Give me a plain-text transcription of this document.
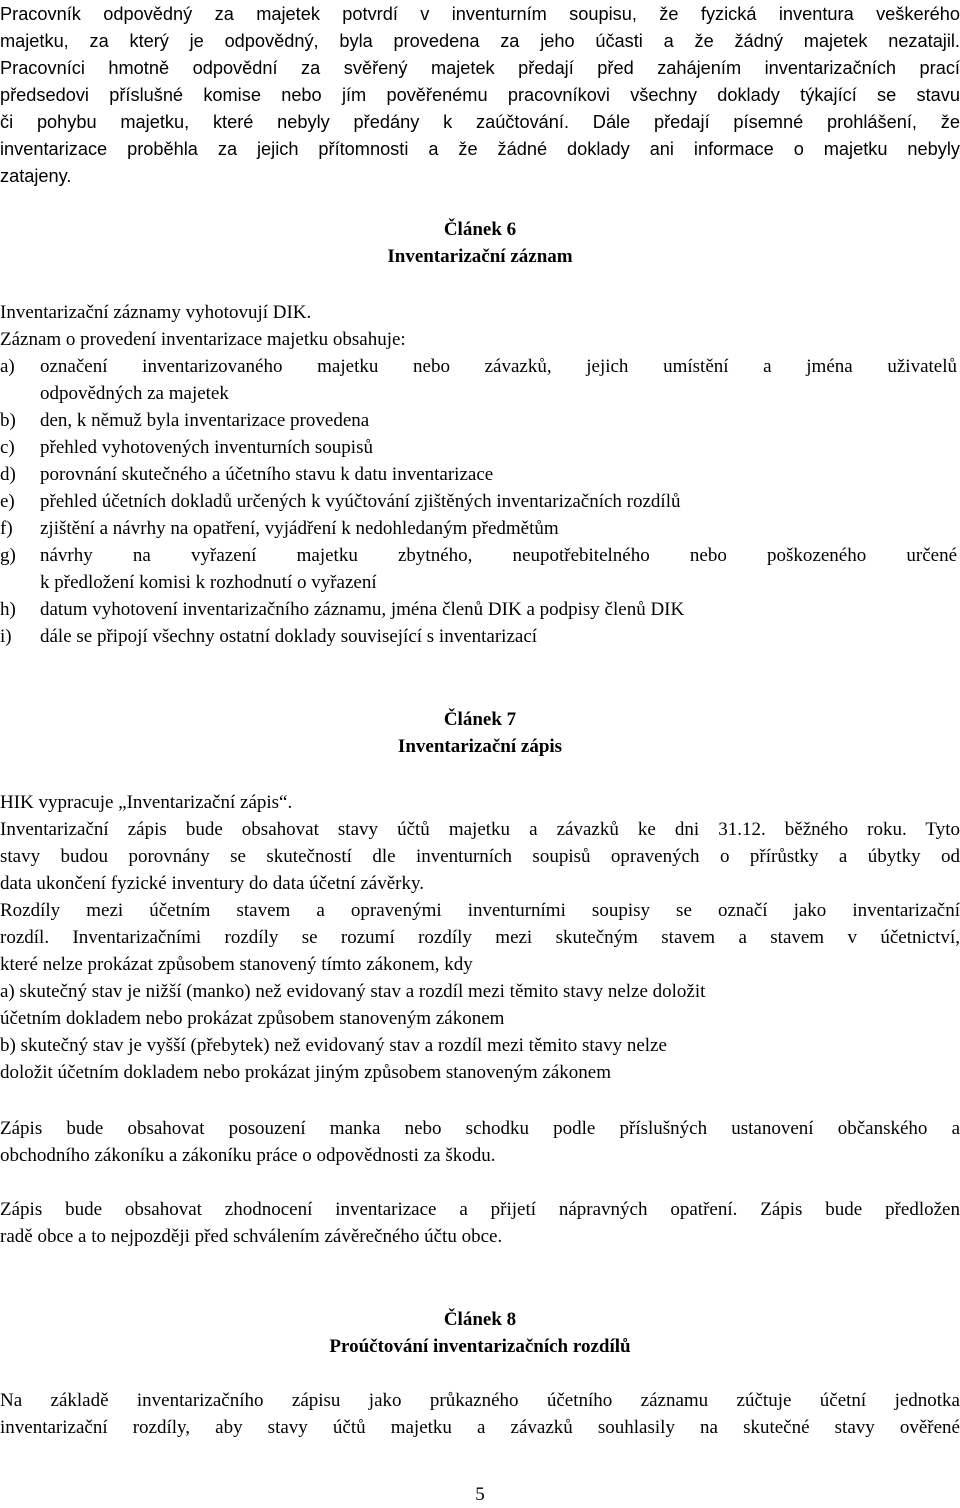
Pracovník odpovědný za majetek potvrdí v inventurním soupisu, že fyzická inventura veškerého
majetku, za který je odpovědný, byla provedena za jeho účasti a že žádný majetek nezatajil.
Pracovníci hmotně odpovědní za svěřený majetek předají před zahájením inventarizačních prací
předsedovi příslušné komise nebo jím pověřenému pracovníkovi všechny doklady týkající se stavu
či pohybu majetku, které nebyly předány k zaúčtování. Dále předají písemné prohlášení, že
inventarizace proběhla za jejich přítomnosti a že žádné doklady ani informace o majetku nebyly
zatajeny.
Článek 6
Inventarizační záznam
Inventarizační záznamy vyhotovují DIK.
Záznam o provedení inventarizace majetku obsahuje:
a) označení inventarizovaného majetku nebo závazků, jejich umístění a jména uživatelů
odpovědných za majetek
b) den, k němuž byla inventarizace provedena
c) přehled vyhotovených inventurních soupisů
d) porovnání skutečného a účetního stavu k datu inventarizace
e) přehled účetních dokladů určených k vyúčtování zjištěných inventarizačních rozdílů
f) zjištění a návrhy na opatření, vyjádření k nedohledaným předmětům
g) návrhy na vyřazení majetku zbytného, neupotřebitelného nebo poškozeného určené
k předložení komisi k rozhodnutí o vyřazení
h) datum vyhotovení inventarizačního záznamu, jména členů DIK a podpisy členů DIK
i) dále se připojí všechny ostatní doklady související s inventarizací
Článek 7
Inventarizační zápis
HIK vypracuje „Inventarizační zápis“.
Inventarizační zápis bude obsahovat stavy účtů majetku a závazků ke dni 31.12. běžného roku. Tyto
stavy budou porovnány se skutečností dle inventurních soupisů opravených o přírůstky a úbytky od
data ukončení fyzické inventury do data účetní závěrky.
Rozdíly mezi účetním stavem a opravenými inventurními soupisy se označí jako inventarizační
rozdíl. Inventarizačními rozdíly se rozumí rozdíly mezi skutečným stavem a stavem v účetnictví,
které nelze prokázat způsobem stanovený tímto zákonem, kdy
a) skutečný stav je nižší (manko) než evidovaný stav a rozdíl mezi těmito stavy nelze doložit
účetním dokladem nebo prokázat způsobem stanoveným zákonem
b) skutečný stav je vyšší (přebytek) než evidovaný stav a rozdíl mezi těmito stavy nelze
doložit účetním dokladem nebo prokázat jiným způsobem stanoveným zákonem
Zápis bude obsahovat posouzení manka nebo schodku podle příslušných ustanovení občanského a
obchodního zákoníku a zákoníku práce o odpovědnosti za škodu.
Zápis bude obsahovat zhodnocení inventarizace a přijetí nápravných opatření. Zápis bude předložen
radě obce a to nejpozději před schválením závěrečného účtu obce.
Článek 8
Proúčtování inventarizačních rozdílů
Na základě inventarizačního zápisu jako průkazného účetního záznamu zúčtuje účetní jednotka
inventarizační rozdíly, aby stavy účtů majetku a závazků souhlasily na skutečné stavy ověřené
5
